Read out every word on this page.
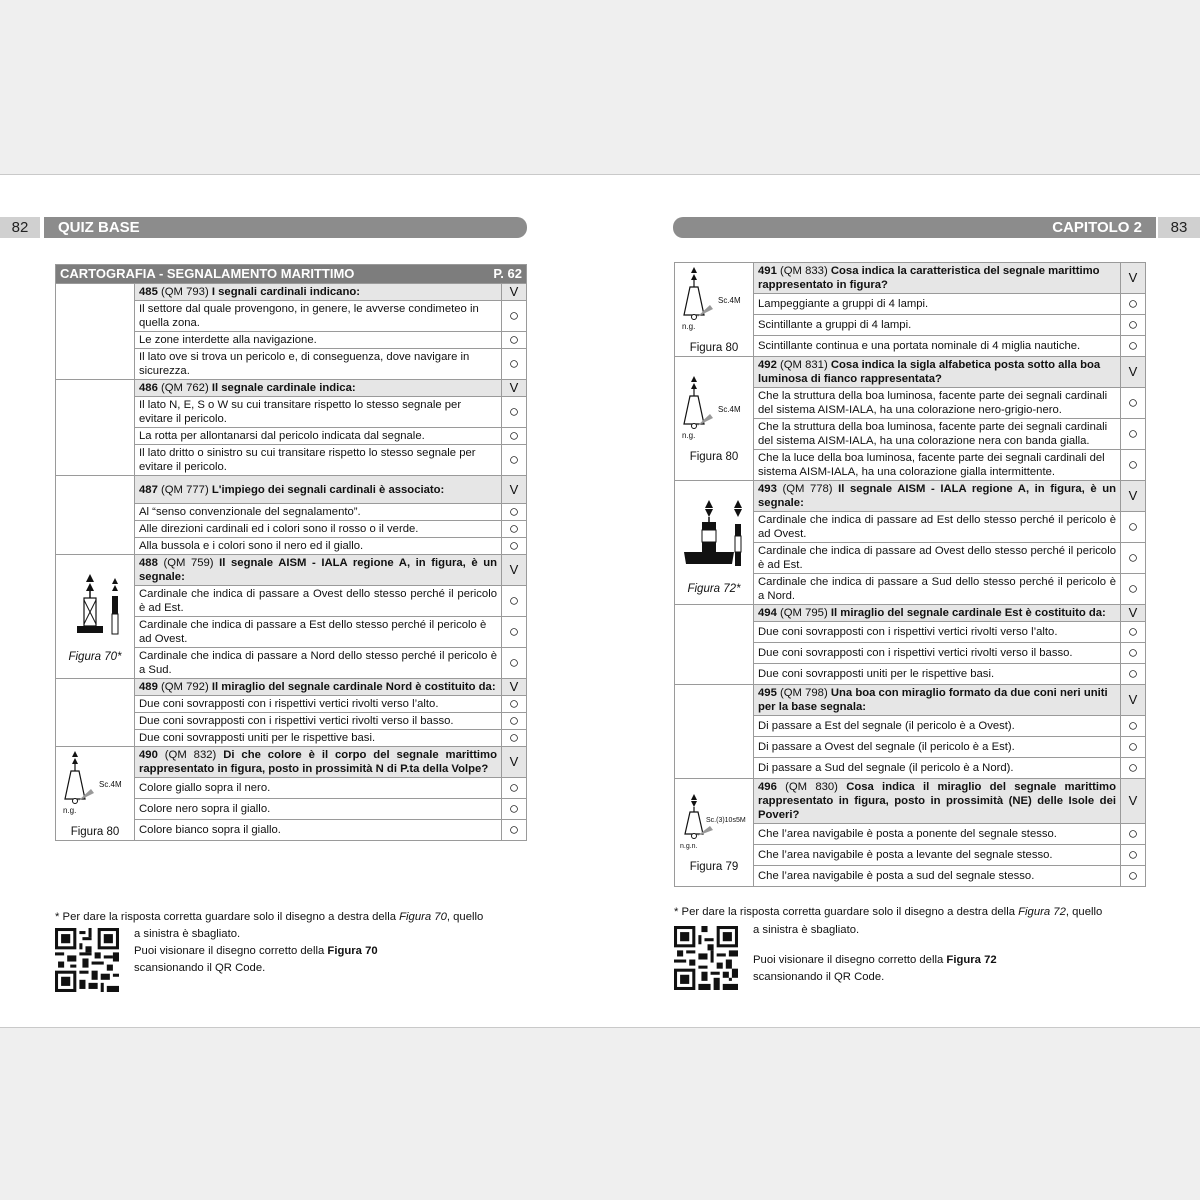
82	QUIZ BASE	CAPITOLO 2	83
CARTOGRAFIA - SEGNALAMENTO MARITTIMO P. 62		

	485 (QM 793) I segnali cardinali indicano:	V
	Il settore dal quale provengono, in genere, le avverse condimeteo in quella zona.	○
	Le zone interdette alla navigazione.	○
	Il lato ove si trova un pericolo e, di conseguenza, dove navigare in sicurezza.	○
	486 (QM 762) Il segnale cardinale indica:	V
	Il lato N, E, S o W su cui transitare rispetto lo stesso segnale per evitare il pericolo.	○
	La rotta per allontanarsi dal pericolo indicata dal segnale.	○
	Il lato dritto o sinistro su cui transitare rispetto lo stesso segnale per evitare il pericolo.	○
	487 (QM 777) L'impiego dei segnali cardinali è associato:	V
	Al “senso convenzionale del segnalamento”.	○
	Alle direzioni cardinali ed i colori sono il rosso o il verde.	○
	Alla bussola e i colori sono il nero ed il giallo.	○

Figura 70*	488 (QM 759) Il segnale AISM - IALA regione A, in figura, è un segnale:	V
	Cardinale che indica di passare a Ovest dello stesso perché il pericolo è ad Est.	○
	Cardinale che indica di passare a Est dello stesso perché il pericolo è ad Ovest.	○
	Cardinale che indica di passare a Nord dello stesso perché il pericolo è a Sud.	○
	489 (QM 792) Il miraglio del segnale cardinale Nord è costituito da:	V
	Due coni sovrapposti con i rispettivi vertici rivolti verso l’alto.	○
	Due coni sovrapposti con i rispettivi vertici rivolti verso il basso.	○
	Due coni sovrapposti uniti per le rispettive basi.	○

Sc.4M
n.g.
Figura 80	490 (QM 832) Di che colore è il corpo del segnale marittimo rappresentato in figura, posto in prossimità N di P.ta della Volpe?	V
	Colore giallo sopra il nero.	○
	Colore nero sopra il giallo.	○
	Colore bianco sopra il giallo.	○
* Per dare la risposta corretta guardare solo il disegno a destra della Figura 70, quello
a sinistra è sbagliato.
Puoi visionare il disegno corretto della Figura 70
scansionando il QR Code.
Sc.4M
n.g.
Figura 80	491 (QM 833) Cosa indica la caratteristica del segnale marittimo rappresentato in figura?	V
	Lampeggiante a gruppi di 4 lampi.	○
	Scintillante a gruppi di 4 lampi.	○
	Scintillante continua e una portata nominale di 4 miglia nautiche.	○

Sc.4M
n.g.
Figura 80	492 (QM 831) Cosa indica la sigla alfabetica posta sotto alla boa luminosa di fianco rappresentata?	V
	Che la struttura della boa luminosa, facente parte dei segnali cardinali del sistema AISM-IALA, ha una colorazione nero-grigio-nero.	○
	Che la struttura della boa luminosa, facente parte dei segnali cardinali del sistema AISM-IALA, ha una colorazione nera con banda gialla.	○
	Che la luce della boa luminosa, facente parte dei segnali cardinali del sistema AISM-IALA, ha una colorazione gialla intermittente.	○

Figura 72*	493 (QM 778) Il segnale AISM - IALA regione A, in figura, è un segnale:	V
	Cardinale che indica di passare ad Est dello stesso perché il pericolo è ad Ovest.	○
	Cardinale che indica di passare ad Ovest dello stesso perché il pericolo è ad Est.	○
	Cardinale che indica di passare a Sud dello stesso perché il pericolo è a Nord.	○
	494 (QM 795) Il miraglio del segnale cardinale Est è costituito da:	V
	Due coni sovrapposti con i rispettivi vertici rivolti verso l’alto.	○
	Due coni sovrapposti con i rispettivi vertici rivolti verso il basso.	○
	Due coni sovrapposti uniti per le rispettive basi.	○
	495 (QM 798) Una boa con miraglio formato da due coni neri uniti per la base segnala:	V
	Di passare a Est del segnale (il pericolo è a Ovest).	○
	Di passare a Ovest del segnale (il pericolo è a Est).	○
	Di passare a Sud del segnale (il pericolo è a Nord).	○

Sc.(3)10s5M
n.g.n.
Figura 79	496 (QM 830) Cosa indica il miraglio del segnale marittimo rappresentato in figura, posto in prossimità (NE) delle Isole dei Poveri?	V
	Che l’area navigabile è posta a ponente del segnale stesso.	○
	Che l’area navigabile è posta a levante del segnale stesso.	○
	Che l’area navigabile è posta a sud del segnale stesso.	○
* Per dare la risposta corretta guardare solo il disegno a destra della Figura 72, quello
a sinistra è sbagliato.
Puoi visionare il disegno corretto della Figura 72
scansionando il QR Code.
